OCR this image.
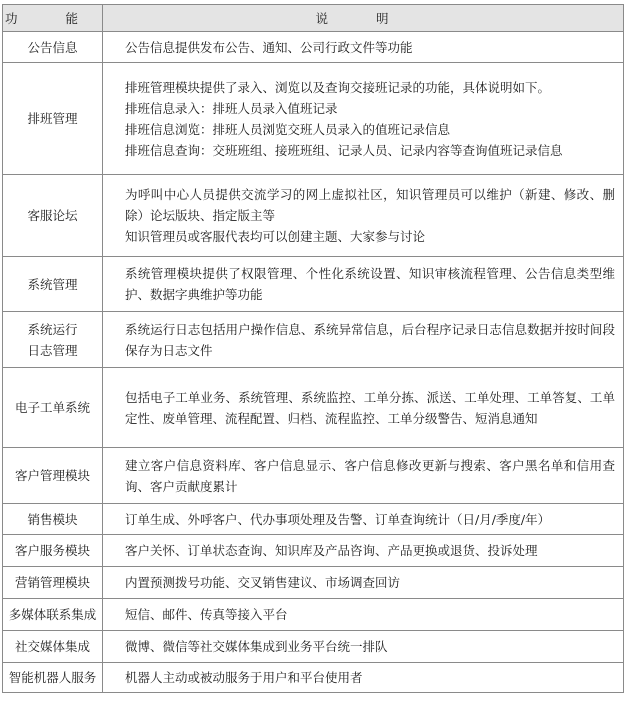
功 能	说 明

公告信息	公告信息提供发布公告、通知、公司行政文件等功能

排班管理	排班管理模块提供了录入、浏览以及查询交接班记录的功能，具体说明如下。

排班信息录入：排班人员录入值班记录

排班信息浏览：排班人员浏览交班人员录入的值班记录信息

排班信息查询：交班班组、接班班组、记录人员、记录内容等查询值班记录信息

客服论坛	为呼叫中心人员提供交流学习的网上虚拟社区，知识管理员可以维护（新建、修改、删除）论坛版块、指定版主等

知识管理员或客服代表均可以创建主题、大家参与讨论

系统管理	系统管理模块提供了权限管理、个性化系统设置、知识审核流程管理、公告信息类型维护、数据字典维护等功能

系统运行
日志管理	系统运行日志包括用户操作信息、系统异常信息，后台程序记录日志信息数据并按时间段保存为日志文件

电子工单系统	包括电子工单业务、系统管理、系统监控、工单分拣、派送、工单处理、工单答复、工单定性、废单管理、流程配置、归档、流程监控、工单分级警告、短消息通知

客户管理模块	建立客户信息资料库、客户信息显示、客户信息修改更新与搜索、客户黑名单和信用查询、客户贡献度累计

销售模块	订单生成、外呼客户、代办事项处理及告警、订单查询统计（日/月/季度/年）

客户服务模块	客户关怀、订单状态查询、知识库及产品咨询、产品更换或退货、投诉处理

营销管理模块	内置预测拨号功能、交叉销售建议、市场调查回访

多媒体联系集成	短信、邮件、传真等接入平台

社交媒体集成	微博、微信等社交媒体集成到业务平台统一排队

智能机器人服务	机器人主动或被动服务于用户和平台使用者
